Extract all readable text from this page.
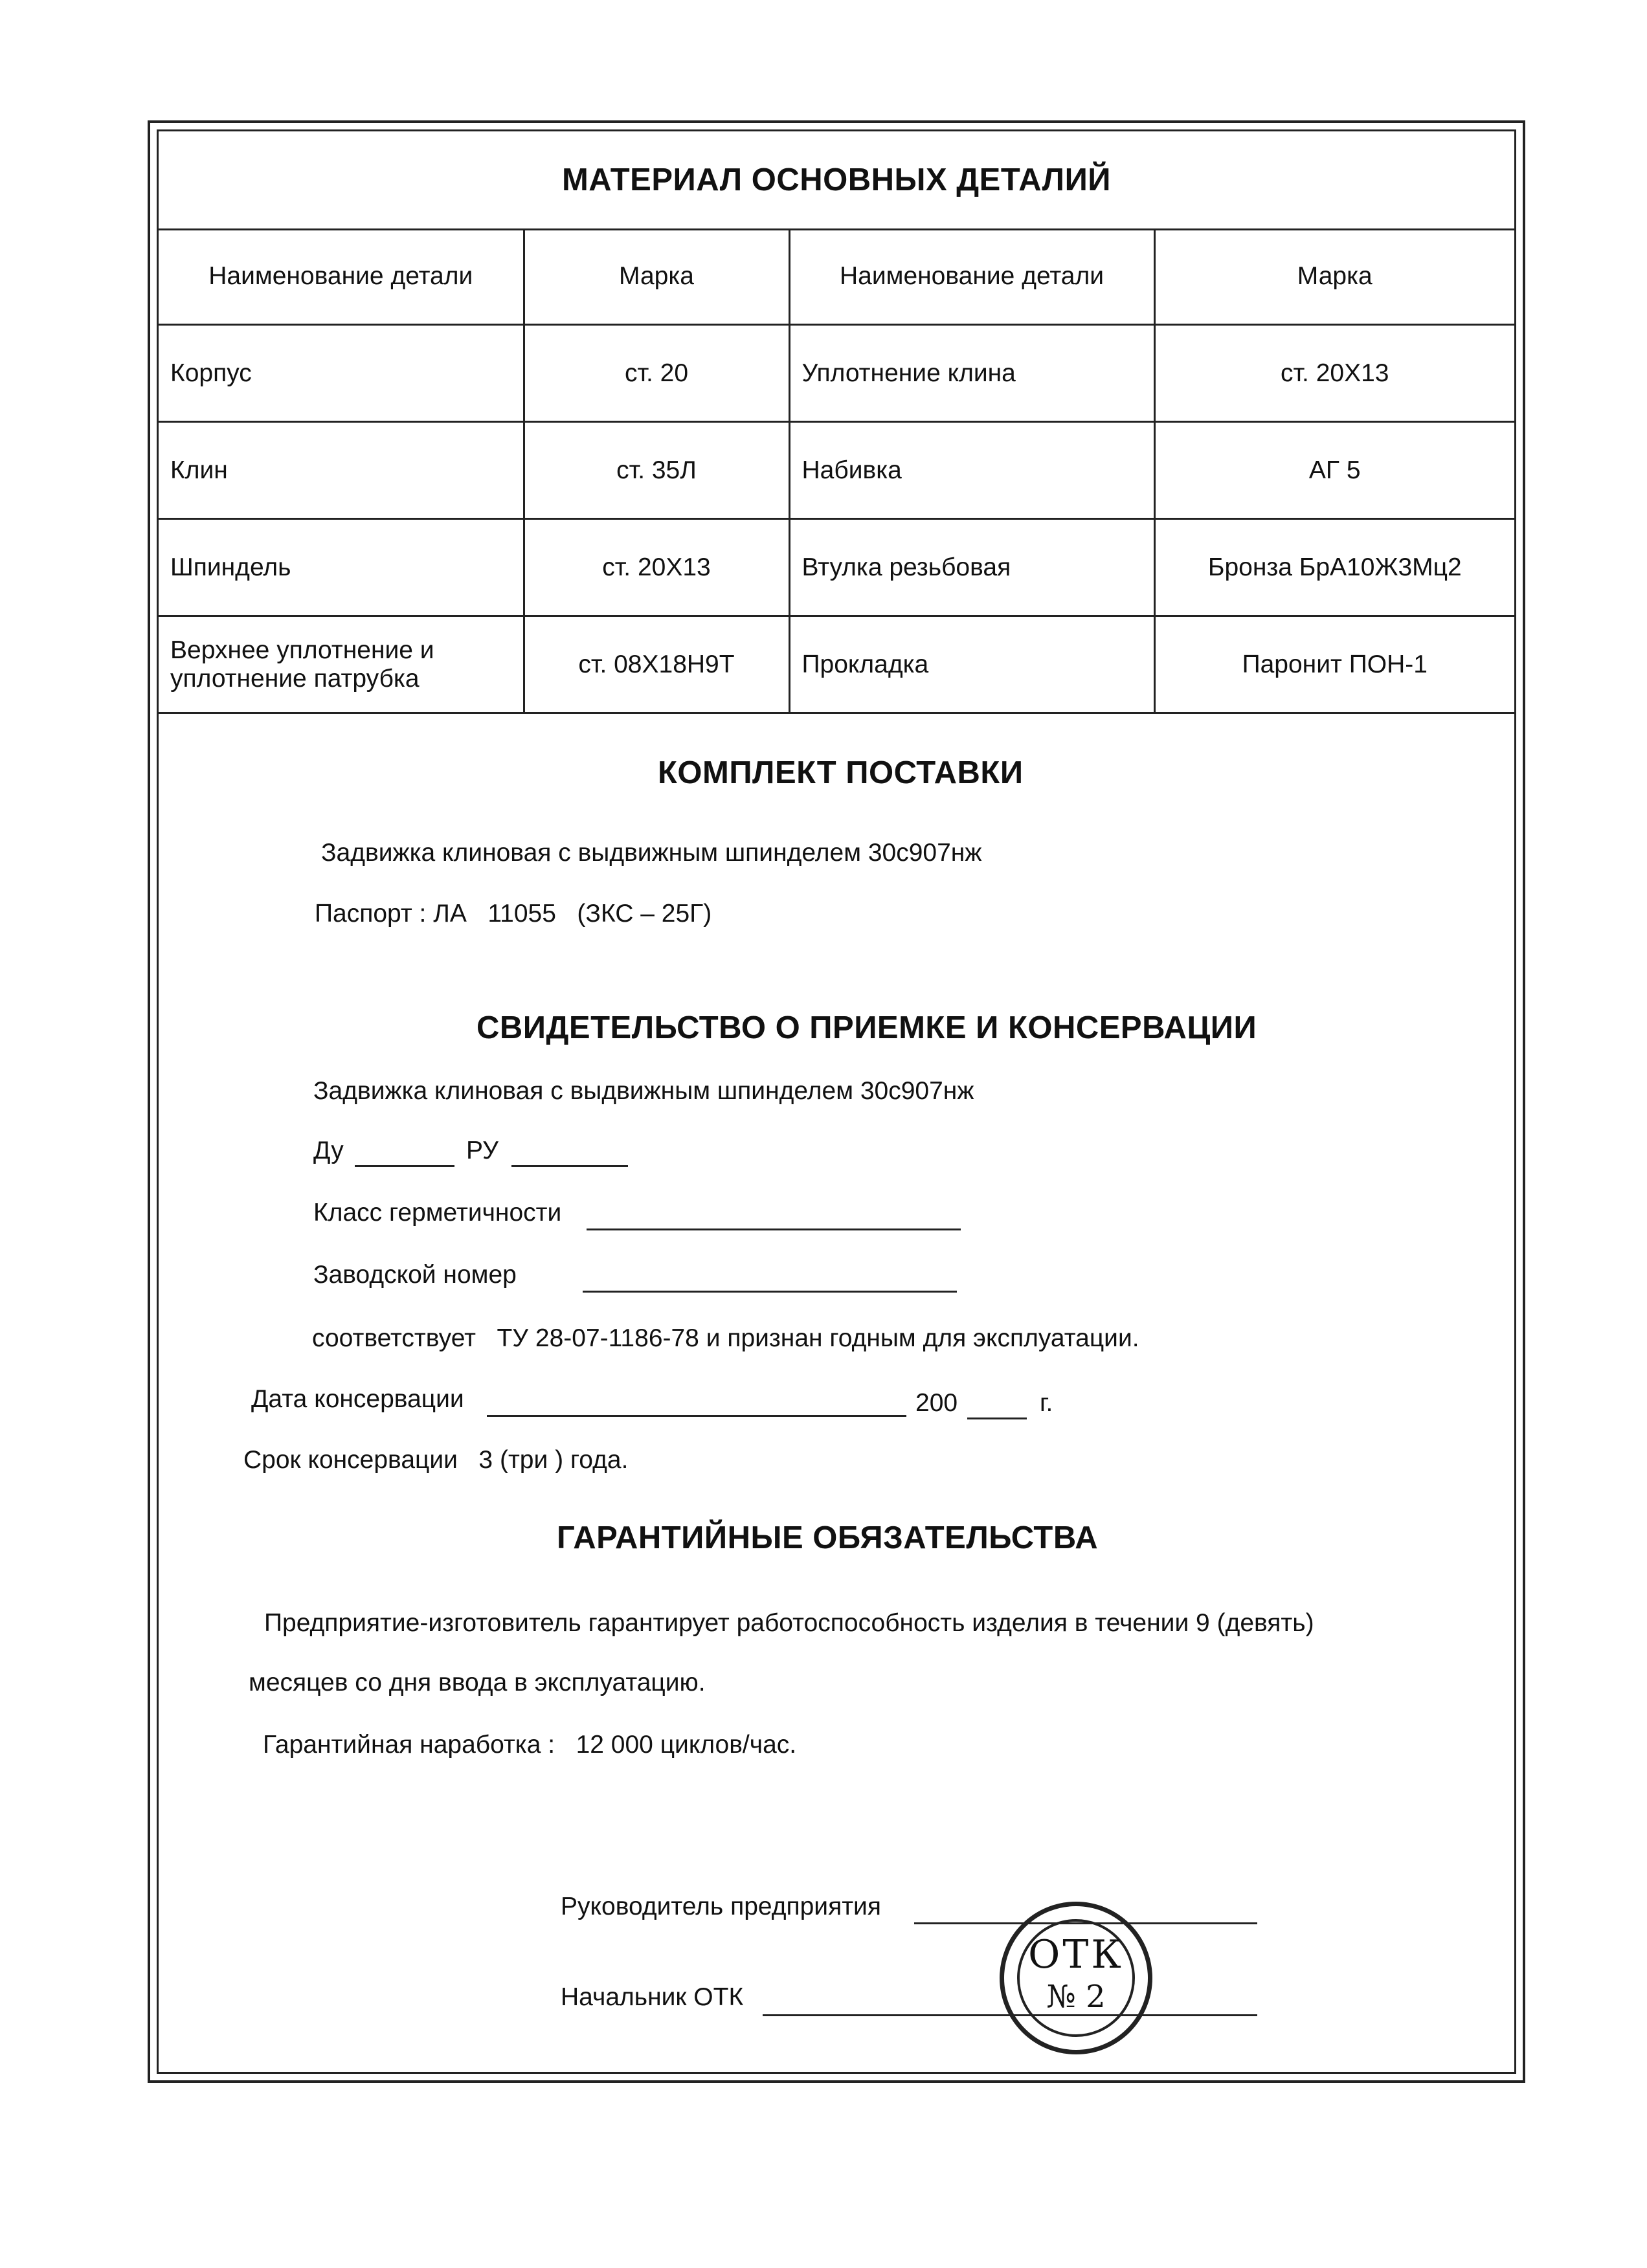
МАТЕРИАЛ ОСНОВНЫХ ДЕТАЛИЙ
Наименование детали	Марка	Наименование детали	Марка
Корпус	ст. 20	Уплотнение клина	ст. 20Х13
Клин	ст. 35Л	Набивка	АГ 5
Шпиндель	ст. 20Х13	Втулка резьбовая	Бронза БрА10Ж3Мц2
Верхнее уплотнение и уплотнение патрубка	ст. 08Х18Н9Т	Прокладка	Паронит ПОН-1
КОМПЛЕКТ ПОСТАВКИ
Задвижка клиновая с выдвижным шпинделем 30с907нж
Паспорт : ЛА   11055   (ЗКС – 25Г)
СВИДЕТЕЛЬСТВО О ПРИЕМКЕ И КОНСЕРВАЦИИ
Задвижка клиновая с выдвижным шпинделем 30с907нж
Ду	РУ
Класс герметичности
Заводской номер
соответствует   ТУ 28-07-1186-78 и признан годным для эксплуатации.
Дата консервации	200	г.
Срок консервации   3 (три ) года.
ГАРАНТИЙНЫЕ ОБЯЗАТЕЛЬСТВА
Предприятие-изготовитель гарантирует работоспособность изделия в течении 9 (девять)
месяцев со дня ввода в эксплуатацию.
Гарантийная наработка :   12 000 циклов/час.
Руководитель предприятия
Начальник ОТК
ОТК
№ 2
